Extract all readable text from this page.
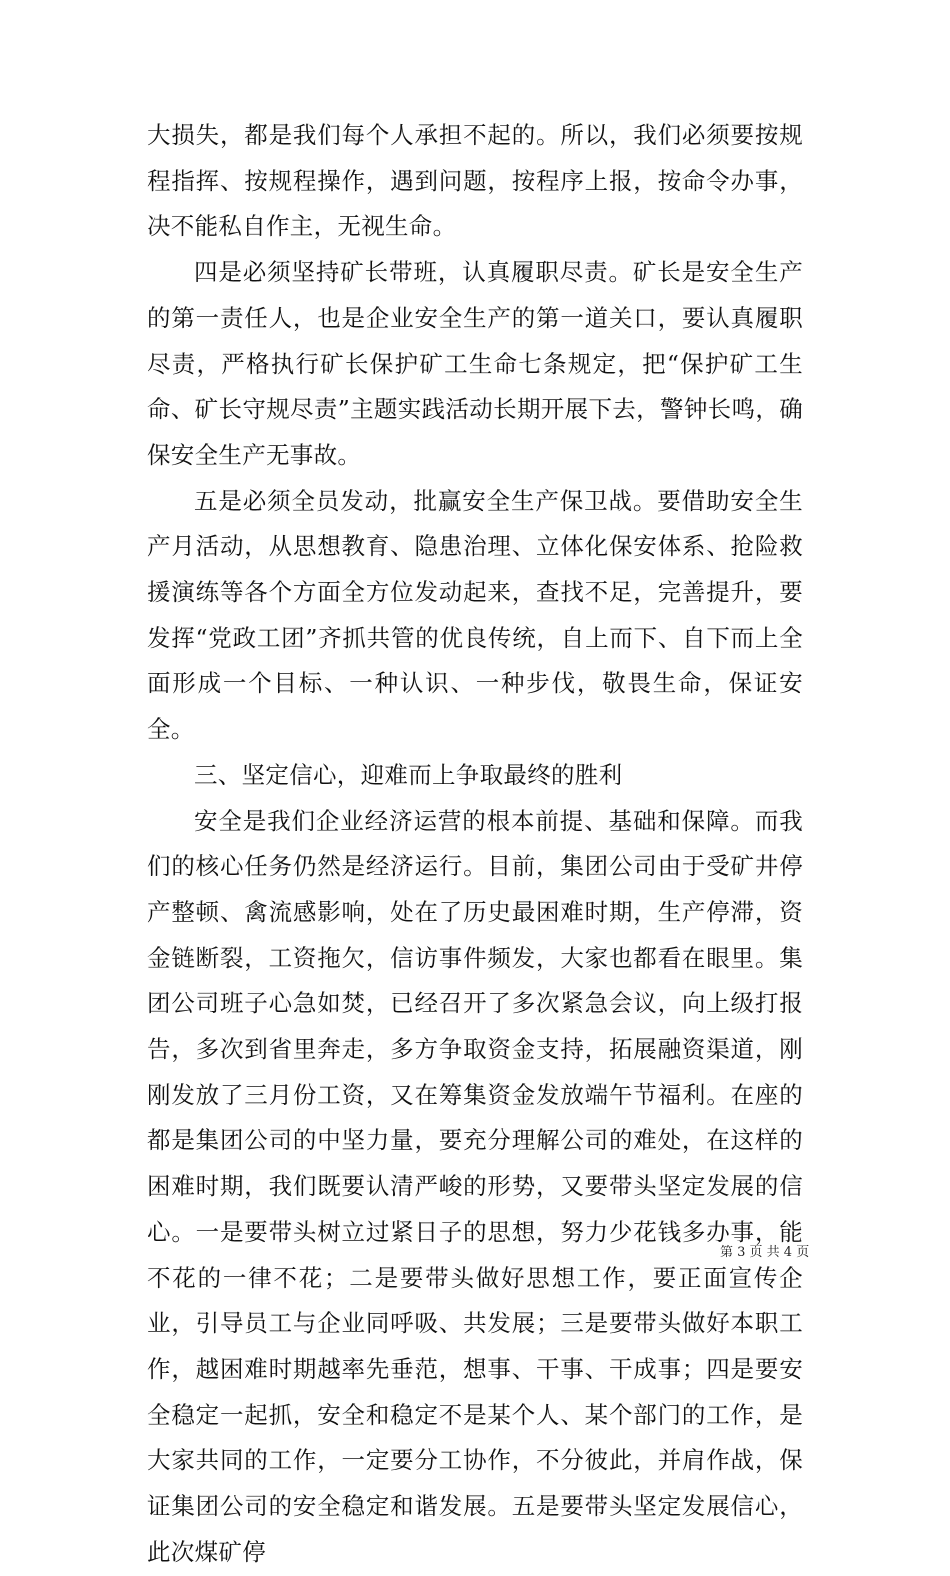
大损失，都是我们每个人承担不起的。所以，我们必须要按规程指挥、按规程操作，遇到问题，按程序上报，按命令办事，决不能私自作主，无视生命。

四是必须坚持矿长带班，认真履职尽责。矿长是安全生产的第一责任人，也是企业安全生产的第一道关口，要认真履职尽责，严格执行矿长保护矿工生命七条规定，把“保护矿工生命、矿长守规尽责”主题实践活动长期开展下去，警钟长鸣，确保安全生产无事故。

五是必须全员发动，批赢安全生产保卫战。要借助安全生产月活动，从思想教育、隐患治理、立体化保安体系、抢险救援演练等各个方面全方位发动起来，查找不足，完善提升，要发挥“党政工团”齐抓共管的优良传统，自上而下、自下而上全面形成一个目标、一种认识、一种步伐，敬畏生命，保证安全。

三、坚定信心，迎难而上争取最终的胜利

安全是我们企业经济运营的根本前提、基础和保障。而我们的核心任务仍然是经济运行。目前，集团公司由于受矿井停产整顿、禽流感影响，处在了历史最困难时期，生产停滞，资金链断裂，工资拖欠，信访事件频发，大家也都看在眼里。集团公司班子心急如焚，已经召开了多次紧急会议，向上级打报告，多次到省里奔走，多方争取资金支持，拓展融资渠道，刚刚发放了三月份工资，又在筹集资金发放端午节福利。在座的都是集团公司的中坚力量，要充分理解公司的难处，在这样的困难时期，我们既要认清严峻的形势，又要带头坚定发展的信心。一是要带头树立过紧日子的思想，努力少花钱多办事，能不花的一律不花；二是要带头做好思想工作，要正面宣传企业，引导员工与企业同呼吸、共发展；三是要带头做好本职工作，越困难时期越率先垂范，想事、干事、干成事；四是要安全稳定一起抓，安全和稳定不是某个人、某个部门的工作，是大家共同的工作，一定要分工协作，不分彼此，并肩作战，保证集团公司的安全稳定和谐发展。五是要带头坚定发展信心，此次煤矿停

第 3 页 共 4 页
